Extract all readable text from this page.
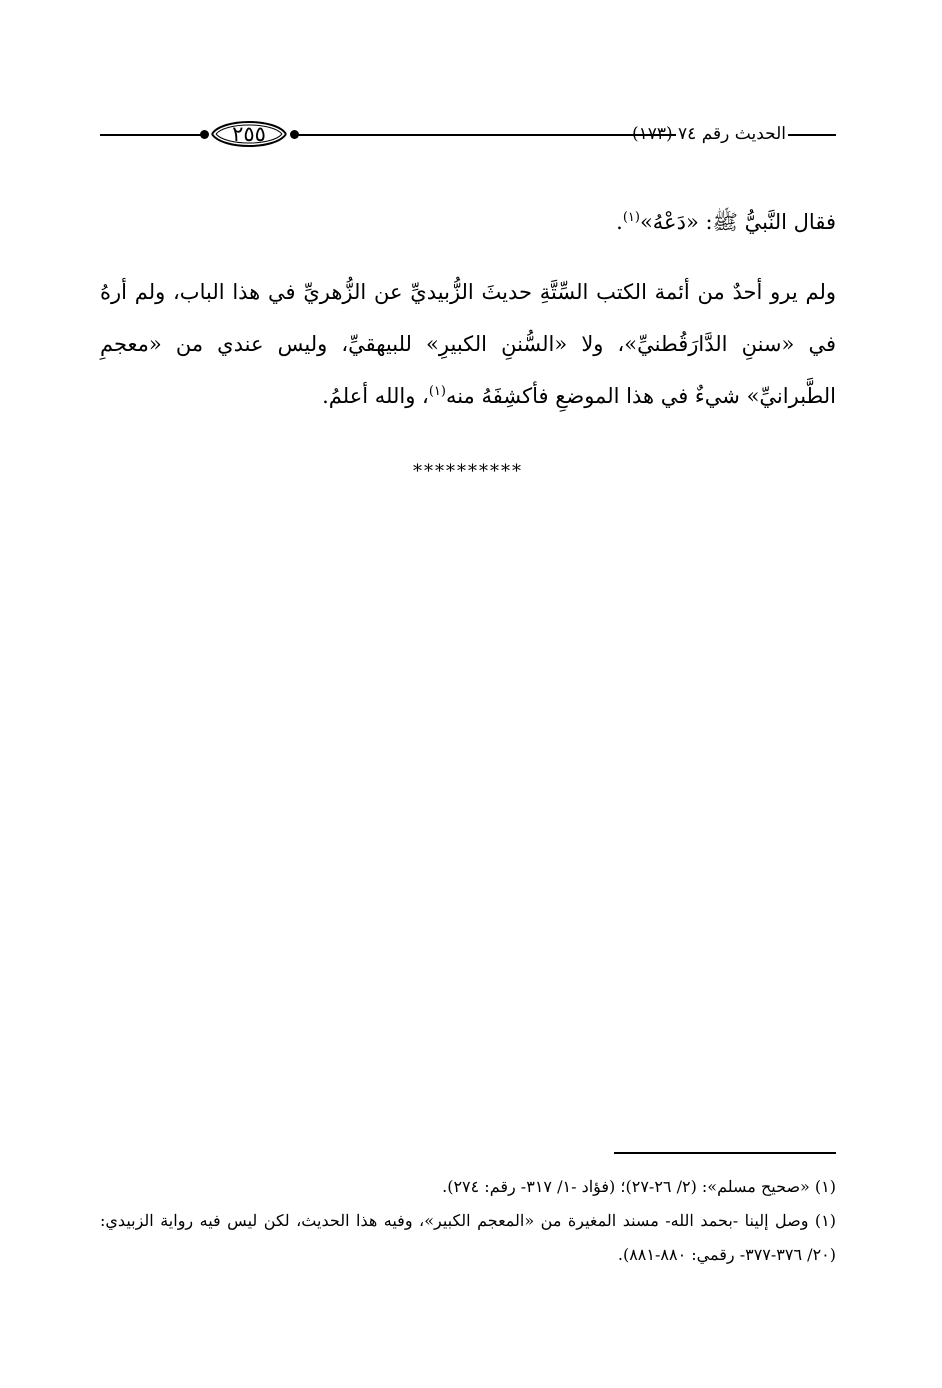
٢٥٥	الحديث رقم ٧٤ (١٧٣)
فقال النَّبيُّ ﷺ: «دَعْهُ»$^{(١)}$.
ولم يرو أحدٌ من أئمة الكتب السِّتَّةِ حديثَ الزُّبيديِّ عن الزُّهريِّ في هذا الباب، ولم أرهُ في «سننِ الدَّارَقُطنيِّ»، ولا «السُّننِ الكبيرِ» للبيهقيِّ، وليس عندي من «معجمِ الطَّبرانيِّ» شيءٌ في هذا الموضعِ فأكشِفَهُ منه$^{(١)}$، والله أعلمُ.
**********

(١) «صحيح مسلم»: (٢/ ٢٦-٢٧)؛ (فؤاد -١/ ٣١٧- رقم: ٢٧٤).

(١) وصل إلينا -بحمد الله- مسند المغيرة من «المعجم الكبير»، وفيه هذا الحديث، لكن ليس فيه رواية الزبيدي: (٢٠/ ٣٧٦-٣٧٧- رقمي: ٨٨٠-٨٨١).
